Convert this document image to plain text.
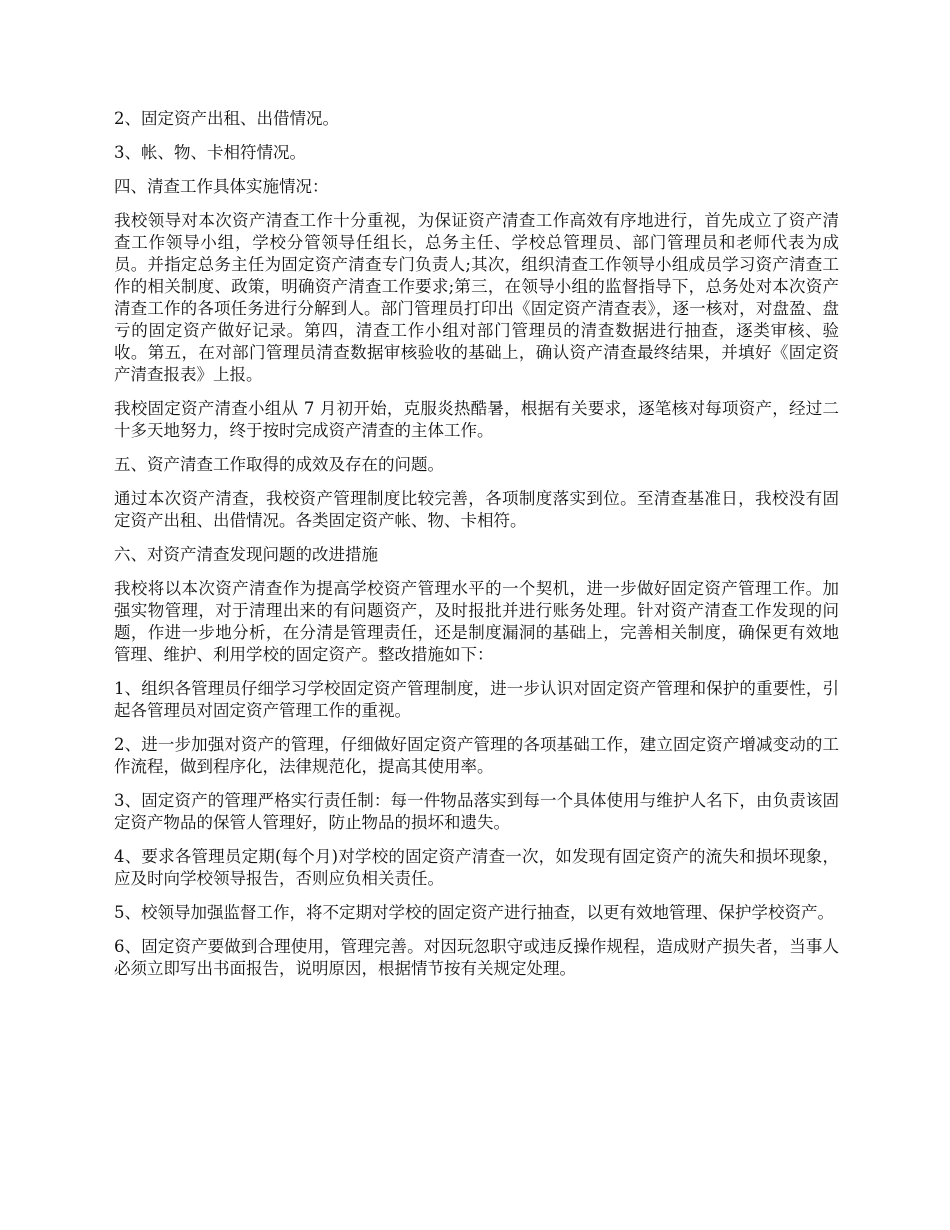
2、固定资产出租、出借情况。

3、帐、物、卡相符情况。

四、清查工作具体实施情况：

我校领导对本次资产清查工作十分重视，为保证资产清查工作高效有序地进行，首先成立了资产清查工作领导小组，学校分管领导任组长，总务主任、学校总管理员、部门管理员和老师代表为成员。并指定总务主任为固定资产清查专门负责人;其次，组织清查工作领导小组成员学习资产清查工作的相关制度、政策，明确资产清查工作要求;第三，在领导小组的监督指导下，总务处对本次资产清查工作的各项任务进行分解到人。部门管理员打印出《固定资产清查表》，逐一核对，对盘盈、盘亏的固定资产做好记录。第四，清查工作小组对部门管理员的清查数据进行抽查，逐类审核、验收。第五，在对部门管理员清查数据审核验收的基础上，确认资产清查最终结果，并填好《固定资产清查报表》上报。

我校固定资产清查小组从 7 月初开始，克服炎热酷暑，根据有关要求，逐笔核对每项资产，经过二十多天地努力，终于按时完成资产清查的主体工作。

五、资产清查工作取得的成效及存在的问题。

通过本次资产清查，我校资产管理制度比较完善，各项制度落实到位。至清查基准日，我校没有固定资产出租、出借情况。各类固定资产帐、物、卡相符。

六、对资产清查发现问题的改进措施

我校将以本次资产清查作为提高学校资产管理水平的一个契机，进一步做好固定资产管理工作。加强实物管理，对于清理出来的有问题资产，及时报批并进行账务处理。针对资产清查工作发现的问题，作进一步地分析，在分清是管理责任，还是制度漏洞的基础上，完善相关制度，确保更有效地管理、维护、利用学校的固定资产。整改措施如下：

1、组织各管理员仔细学习学校固定资产管理制度，进一步认识对固定资产管理和保护的重要性，引起各管理员对固定资产管理工作的重视。

2、进一步加强对资产的管理，仔细做好固定资产管理的各项基础工作，建立固定资产增减变动的工作流程，做到程序化，法律规范化，提高其使用率。

3、固定资产的管理严格实行责任制：每一件物品落实到每一个具体使用与维护人名下，由负责该固定资产物品的保管人管理好，防止物品的损坏和遗失。

4、要求各管理员定期(每个月)对学校的固定资产清查一次，如发现有固定资产的流失和损坏现象，应及时向学校领导报告，否则应负相关责任。

5、校领导加强监督工作，将不定期对学校的固定资产进行抽查，以更有效地管理、保护学校资产。

6、固定资产要做到合理使用，管理完善。对因玩忽职守或违反操作规程，造成财产损失者，当事人必须立即写出书面报告，说明原因，根据情节按有关规定处理。
